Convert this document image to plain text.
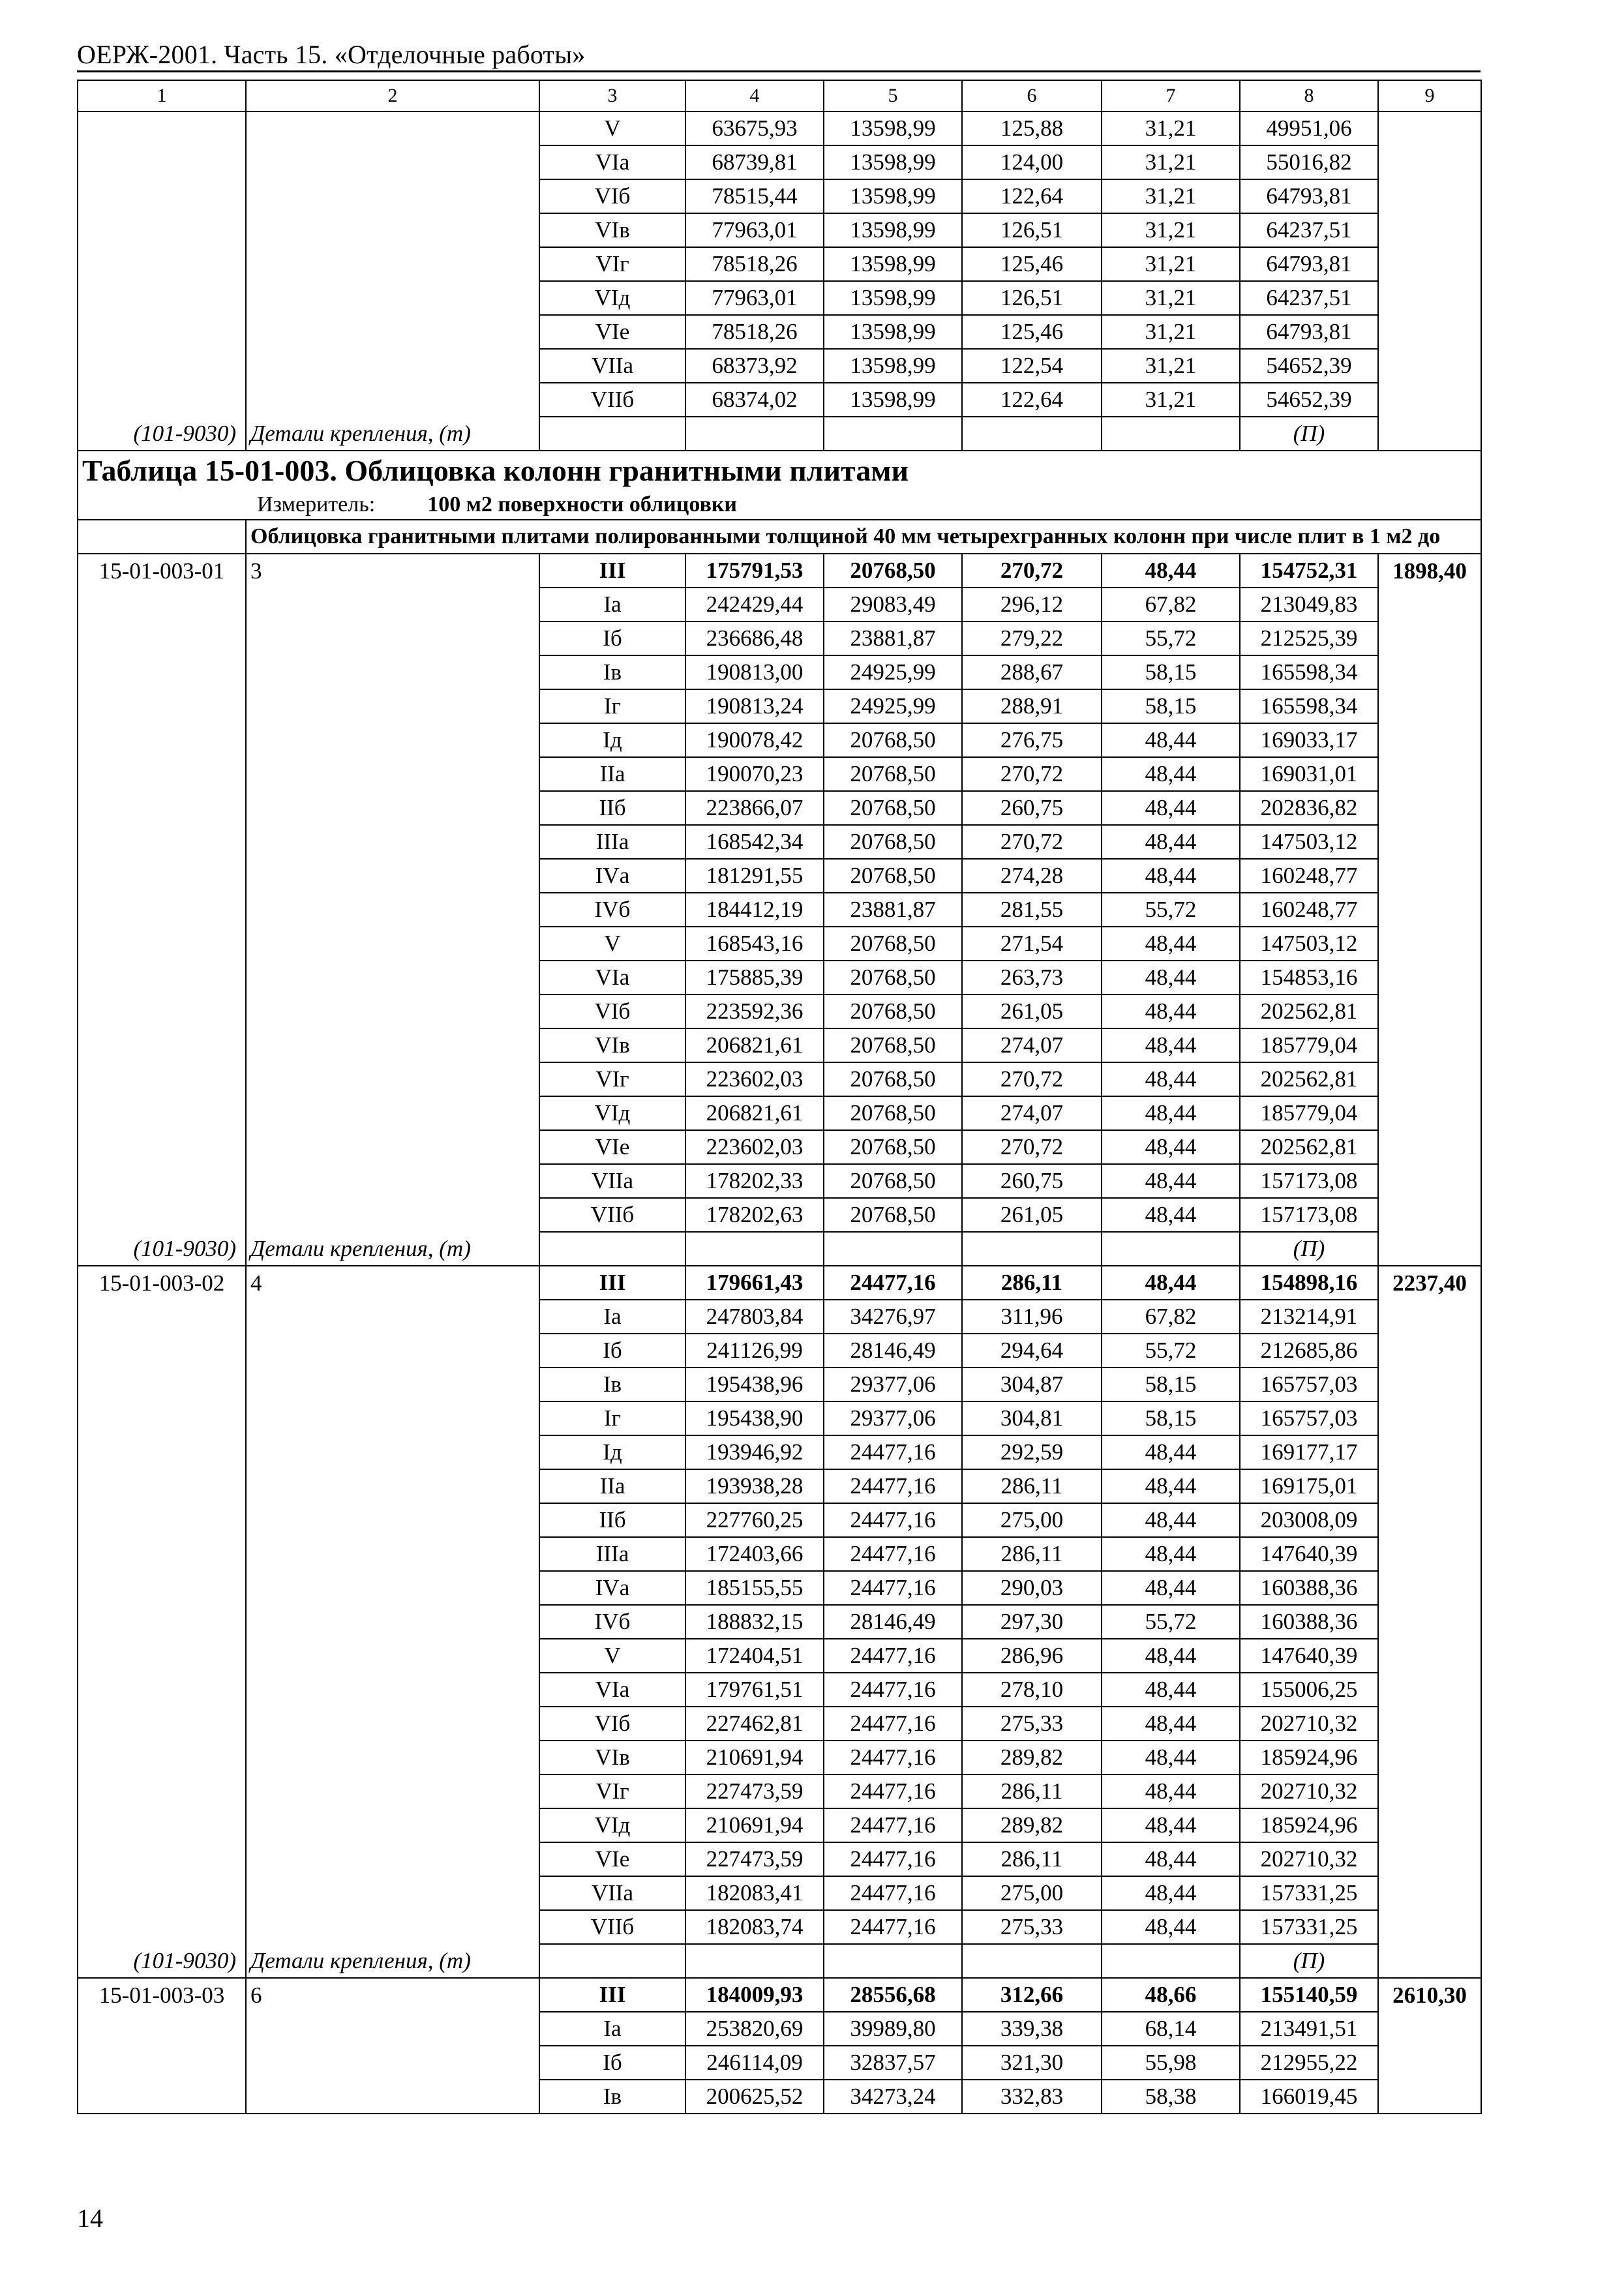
ОЕРЖ-2001. Часть 15. «Отделочные работы»
1	2	3	4	5	6	7	8	9
		V	63675,93	13598,99	125,88	31,21	49951,06	
		VIа	68739,81	13598,99	124,00	31,21	55016,82	
		VIб	78515,44	13598,99	122,64	31,21	64793,81	
		VIв	77963,01	13598,99	126,51	31,21	64237,51	
		VIг	78518,26	13598,99	125,46	31,21	64793,81	
		VIд	77963,01	13598,99	126,51	31,21	64237,51	
		VIе	78518,26	13598,99	125,46	31,21	64793,81	
		VIIа	68373,92	13598,99	122,54	31,21	54652,39	
		VIIб	68374,02	13598,99	122,64	31,21	54652,39	
(101-9030)	Детали крепления, (т)						(П)	

Таблица 15-01-003. Облицовка колонн гранитными плитами
Измеритель: 100 м2 поверхности облицовки								

	Облицовка гранитными плитами полированными толщиной 40 мм четырехгранных колонн при числе плит в 1 м2 до							
15-01-003-01	3	III	175791,53	20768,50	270,72	48,44	154752,31	1898,40
		Iа	242429,44	29083,49	296,12	67,82	213049,83	
		Iб	236686,48	23881,87	279,22	55,72	212525,39	
		Iв	190813,00	24925,99	288,67	58,15	165598,34	
		Iг	190813,24	24925,99	288,91	58,15	165598,34	
		Iд	190078,42	20768,50	276,75	48,44	169033,17	
		IIа	190070,23	20768,50	270,72	48,44	169031,01	
		IIб	223866,07	20768,50	260,75	48,44	202836,82	
		IIIа	168542,34	20768,50	270,72	48,44	147503,12	
		IVа	181291,55	20768,50	274,28	48,44	160248,77	
		IVб	184412,19	23881,87	281,55	55,72	160248,77	
		V	168543,16	20768,50	271,54	48,44	147503,12	
		VIа	175885,39	20768,50	263,73	48,44	154853,16	
		VIб	223592,36	20768,50	261,05	48,44	202562,81	
		VIв	206821,61	20768,50	274,07	48,44	185779,04	
		VIг	223602,03	20768,50	270,72	48,44	202562,81	
		VIд	206821,61	20768,50	274,07	48,44	185779,04	
		VIе	223602,03	20768,50	270,72	48,44	202562,81	
		VIIа	178202,33	20768,50	260,75	48,44	157173,08	
		VIIб	178202,63	20768,50	261,05	48,44	157173,08	
(101-9030)	Детали крепления, (т)						(П)	
15-01-003-02	4	III	179661,43	24477,16	286,11	48,44	154898,16	2237,40
		Iа	247803,84	34276,97	311,96	67,82	213214,91	
		Iб	241126,99	28146,49	294,64	55,72	212685,86	
		Iв	195438,96	29377,06	304,87	58,15	165757,03	
		Iг	195438,90	29377,06	304,81	58,15	165757,03	
		Iд	193946,92	24477,16	292,59	48,44	169177,17	
		IIа	193938,28	24477,16	286,11	48,44	169175,01	
		IIб	227760,25	24477,16	275,00	48,44	203008,09	
		IIIа	172403,66	24477,16	286,11	48,44	147640,39	
		IVа	185155,55	24477,16	290,03	48,44	160388,36	
		IVб	188832,15	28146,49	297,30	55,72	160388,36	
		V	172404,51	24477,16	286,96	48,44	147640,39	
		VIа	179761,51	24477,16	278,10	48,44	155006,25	
		VIб	227462,81	24477,16	275,33	48,44	202710,32	
		VIв	210691,94	24477,16	289,82	48,44	185924,96	
		VIг	227473,59	24477,16	286,11	48,44	202710,32	
		VIд	210691,94	24477,16	289,82	48,44	185924,96	
		VIе	227473,59	24477,16	286,11	48,44	202710,32	
		VIIа	182083,41	24477,16	275,00	48,44	157331,25	
		VIIб	182083,74	24477,16	275,33	48,44	157331,25	
(101-9030)	Детали крепления, (т)						(П)	
15-01-003-03	6	III	184009,93	28556,68	312,66	48,66	155140,59	2610,30
		Iа	253820,69	39989,80	339,38	68,14	213491,51	
		Iб	246114,09	32837,57	321,30	55,98	212955,22	
		Iв	200625,52	34273,24	332,83	58,38	166019,45	
14
